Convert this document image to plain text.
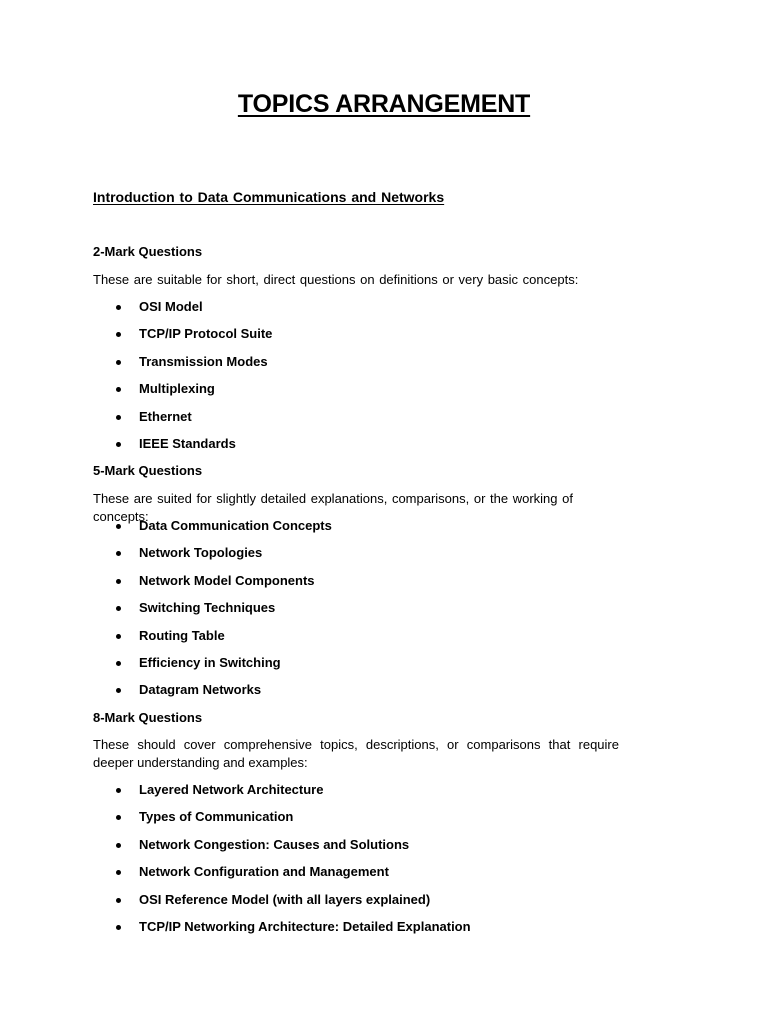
TOPICS ARRANGEMENT
Introduction to Data Communications and Networks
2-Mark Questions

These are suitable for short, direct questions on definitions or very basic concepts:

OSI Model
TCP/IP Protocol Suite
Transmission Modes
Multiplexing
Ethernet
IEEE Standards
5-Mark Questions

These are suited for slightly detailed explanations, comparisons, or the working of concepts:

Data Communication Concepts
Network Topologies
Network Model Components
Switching Techniques
Routing Table
Efficiency in Switching
Datagram Networks
8-Mark Questions

These should cover comprehensive topics, descriptions, or comparisons that require deeper understanding and examples:

Layered Network Architecture
Types of Communication
Network Congestion: Causes and Solutions
Network Configuration and Management
OSI Reference Model (with all layers explained)
TCP/IP Networking Architecture: Detailed Explanation
